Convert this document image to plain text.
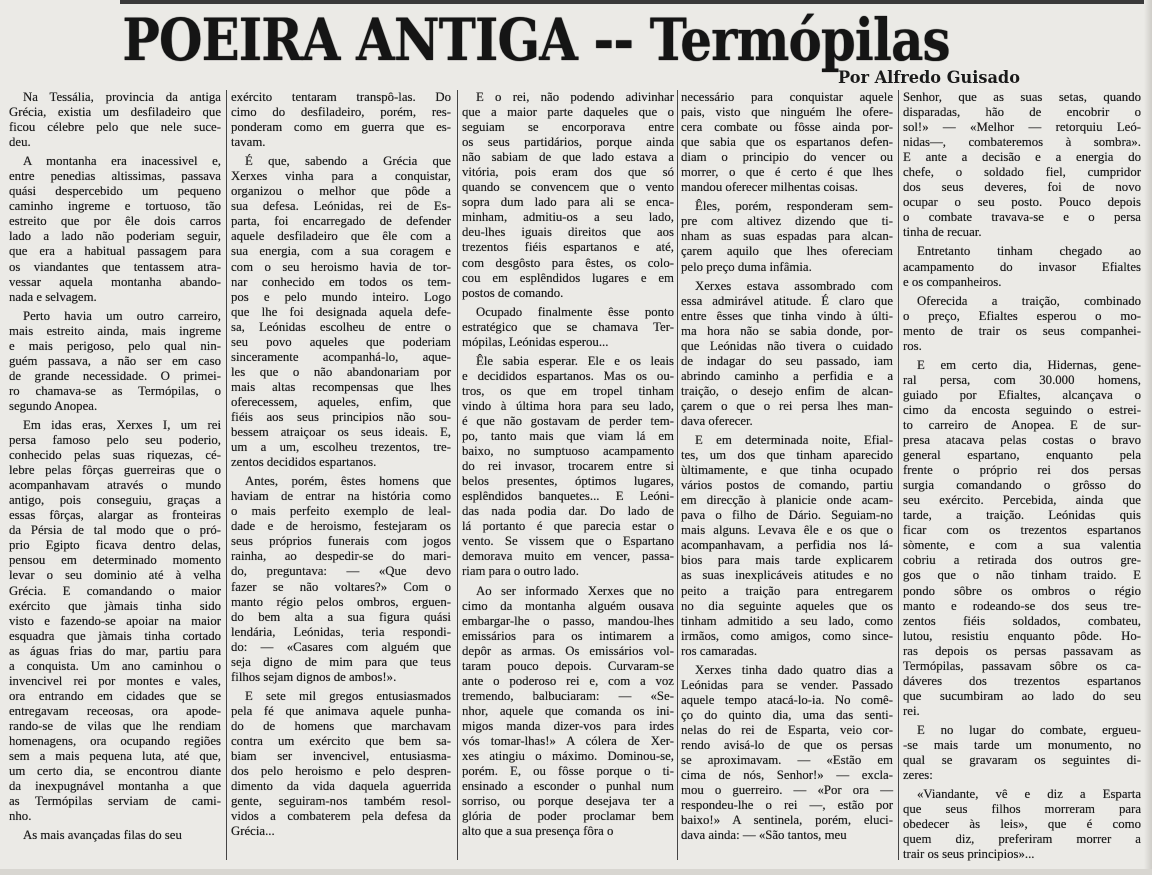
POEIRA ANTIGA -- Termópilas
Por Alfredo Guisado
Na Tessália, provincia da antiga
Grécia, existia um desfiladeiro que
ficou célebre pelo que nele suce-
deu.
A montanha era inacessivel e,
entre penedias altissimas, passava
quási despercebido um pequeno
caminho ingreme e tortuoso, tão
estreito que por êle dois carros
lado a lado não poderiam seguir,
que era a habitual passagem para
os viandantes que tentassem atra-
vessar aquela montanha abando-
nada e selvagem.
Perto havia um outro carreiro,
mais estreito ainda, mais ingreme
e mais perigoso, pelo qual nin-
guém passava, a não ser em caso
de grande necessidade. O primei-
ro chamava-se as Termópilas, o
segundo Anopea.
Em idas eras, Xerxes I, um rei
persa famoso pelo seu poderio,
conhecido pelas suas riquezas, cé-
lebre pelas fôrças guerreiras que o
acompanhavam através o mundo
antigo, pois conseguiu, graças a
essas fôrças, alargar as fronteiras
da Pérsia de tal modo que o pró-
prio Egipto ficava dentro delas,
pensou em determinado momento
levar o seu dominio até à velha
Grécia. E comandando o maior
exército que jàmais tinha sido
visto e fazendo-se apoiar na maior
esquadra que jàmais tinha cortado
as águas frias do mar, partiu para
a conquista. Um ano caminhou o
invencivel rei por montes e vales,
ora entrando em cidades que se
entregavam receosas, ora apode-
rando-se de vilas que lhe rendiam
homenagens, ora ocupando regiões
sem a mais pequena luta, até que,
um certo dia, se encontrou diante
da inexpugnável montanha a que
as Termópilas serviam de cami-
nho.
As mais avançadas filas do seu
exército tentaram transpô-las. Do
cimo do desfiladeiro, porém, res-
ponderam como em guerra que es-
tavam.
É que, sabendo a Grécia que
Xerxes vinha para a conquistar,
organizou o melhor que pôde a
sua defesa. Leónidas, rei de Es-
parta, foi encarregado de defender
aquele desfiladeiro que êle com a
sua energia, com a sua coragem e
com o seu heroismo havia de tor-
nar conhecido em todos os tem-
pos e pelo mundo inteiro. Logo
que lhe foi designada aquela defe-
sa, Leónidas escolheu de entre o
seu povo aqueles que poderiam
sinceramente acompanhá-lo, aque-
les que o não abandonariam por
mais altas recompensas que lhes
oferecessem, aqueles, enfim, que
fiéis aos seus principios não sou-
bessem atraiçoar os seus ideais. E,
um a um, escolheu trezentos, tre-
zentos decididos espartanos.
Antes, porém, êstes homens que
haviam de entrar na história como
o mais perfeito exemplo de leal-
dade e de heroismo, festejaram os
seus próprios funerais com jogos
rainha, ao despedir-se do mari-
do, preguntava: — «Que devo
fazer se não voltares?» Com o
manto régio pelos ombros, erguen-
do bem alta a sua figura quási
lendária, Leónidas, teria respondi-
do: — «Casares com alguém que
seja digno de mim para que teus
filhos sejam dignos de ambos!».
E sete mil gregos entusiasmados
pela fé que animava aquele punha-
do de homens que marchavam
contra um exército que bem sa-
biam ser invencivel, entusiasma-
dos pelo heroismo e pelo despren-
dimento da vida daquela aguerrida
gente, seguiram-nos também resol-
vidos a combaterem pela defesa da
Grécia...
E o rei, não podendo adivinhar
que a maior parte daqueles que o
seguiam se encorporava entre
os seus partidários, porque ainda
não sabiam de que lado estava a
vitória, pois eram dos que só
quando se convencem que o vento
sopra dum lado para ali se enca-
minham, admitiu-os a seu lado,
deu-lhes iguais direitos que aos
trezentos fiéis espartanos e até,
com desgôsto para êstes, os colo-
cou em esplêndidos lugares e em
postos de comando.
Ocupado finalmente êsse ponto
estratégico que se chamava Ter-
mópilas, Leónidas esperou...
Êle sabia esperar. Ele e os leais
e decididos espartanos. Mas os ou-
tros, os que em tropel tinham
vindo à última hora para seu lado,
é que não gostavam de perder tem-
po, tanto mais que viam lá em
baixo, no sumptuoso acampamento
do rei invasor, trocarem entre si
belos presentes, óptimos lugares,
esplêndidos banquetes... E Leóni-
das nada podia dar. Do lado de
lá portanto é que parecia estar o
vento. Se vissem que o Espartano
demorava muito em vencer, passa-
riam para o outro lado.
Ao ser informado Xerxes que no
cimo da montanha alguém ousava
embargar-lhe o passo, mandou-lhes
emissários para os intimarem a
depôr as armas. Os emissários vol-
taram pouco depois. Curvaram-se
ante o poderoso rei e, com a voz
tremendo, balbuciaram: — «Se-
nhor, aquele que comanda os ini-
migos manda dizer-vos para irdes
vós tomar-lhas!» A cólera de Xer-
xes atingiu o máximo. Dominou-se,
porém. E, ou fôsse porque o ti-
ensinado a esconder o punhal num
sorriso, ou porque desejava ter a
glória de poder proclamar bem
alto que a sua presença fôra o
necessário para conquistar aquele
pais, visto que ninguém lhe ofere-
cera combate ou fôsse ainda por-
que sabia que os espartanos defen-
diam o principio do vencer ou
morrer, o que é certo é que lhes
mandou oferecer milhentas coisas.
Êles, porém, responderam sem-
pre com altivez dizendo que ti-
nham as suas espadas para alcan-
çarem aquilo que lhes ofereciam
pelo preço duma infâmia.
Xerxes estava assombrado com
essa admirável atitude. É claro que
entre êsses que tinha vindo à últi-
ma hora não se sabia donde, por-
que Leónidas não tivera o cuidado
de indagar do seu passado, iam
abrindo caminho a perfidia e a
traição, o desejo enfim de alcan-
çarem o que o rei persa lhes man-
dava oferecer.
E em determinada noite, Efial-
tes, um dos que tinham aparecido
ùltimamente, e que tinha ocupado
vários postos de comando, partiu
em direcção à planicie onde acam-
pava o filho de Dário. Seguiam-no
mais alguns. Levava êle e os que o
acompanhavam, a perfidia nos lá-
bios para mais tarde explicarem
as suas inexplicáveis atitudes e no
peito a traição para entregarem
no dia seguinte aqueles que os
tinham admitido a seu lado, como
irmãos, como amigos, como since-
ros camaradas.
Xerxes tinha dado quatro dias a
Leónidas para se vender. Passado
aquele tempo atacá-lo-ia. No comê-
ço do quinto dia, uma das senti-
nelas do rei de Esparta, veio cor-
rendo avisá-lo de que os persas
se aproximavam. — «Estão em
cima de nós, Senhor!» — excla-
mou o guerreiro. — «Por ora —
respondeu-lhe o rei —, estão por
baixo!» A sentinela, porém, eluci-
dava ainda: — «São tantos, meu
Senhor, que as suas setas, quando
disparadas, hão de encobrir o
sol!» — «Melhor — retorquiu Leó-
nidas—, combateremos à sombra».
E ante a decisão e a energia do
chefe, o soldado fiel, cumpridor
dos seus deveres, foi de novo
ocupar o seu posto. Pouco depois
o combate travava-se e o persa
tinha de recuar.
Entretanto tinham chegado ao
acampamento do invasor Efialtes
e os companheiros.
Oferecida a traição, combinado
o preço, Efialtes esperou o mo-
mento de trair os seus companhei-
ros.
E em certo dia, Hidernas, gene-
ral persa, com 30.000 homens,
guiado por Efialtes, alcançava o
cimo da encosta seguindo o estrei-
to carreiro de Anopea. E de sur-
presa atacava pelas costas o bravo
general espartano, enquanto pela
frente o próprio rei dos persas
surgia comandando o grôsso do
seu exército. Percebida, ainda que
tarde, a traição. Leónidas quis
ficar com os trezentos espartanos
sòmente, e com a sua valentia
cobriu a retirada dos outros gre-
gos que o não tinham traido. E
pondo sôbre os ombros o régio
manto e rodeando-se dos seus tre-
zentos fiéis soldados, combateu,
lutou, resistiu enquanto pôde. Ho-
ras depois os persas passavam as
Termópilas, passavam sôbre os ca-
dáveres dos trezentos espartanos
que sucumbiram ao lado do seu
rei.
E no lugar do combate, ergueu-
-se mais tarde um monumento, no
qual se gravaram os seguintes di-
zeres:
«Viandante, vê e diz a Esparta
que seus filhos morreram para
obedecer às leis», que é como
quem diz, preferiram morrer a
trair os seus principios»...
